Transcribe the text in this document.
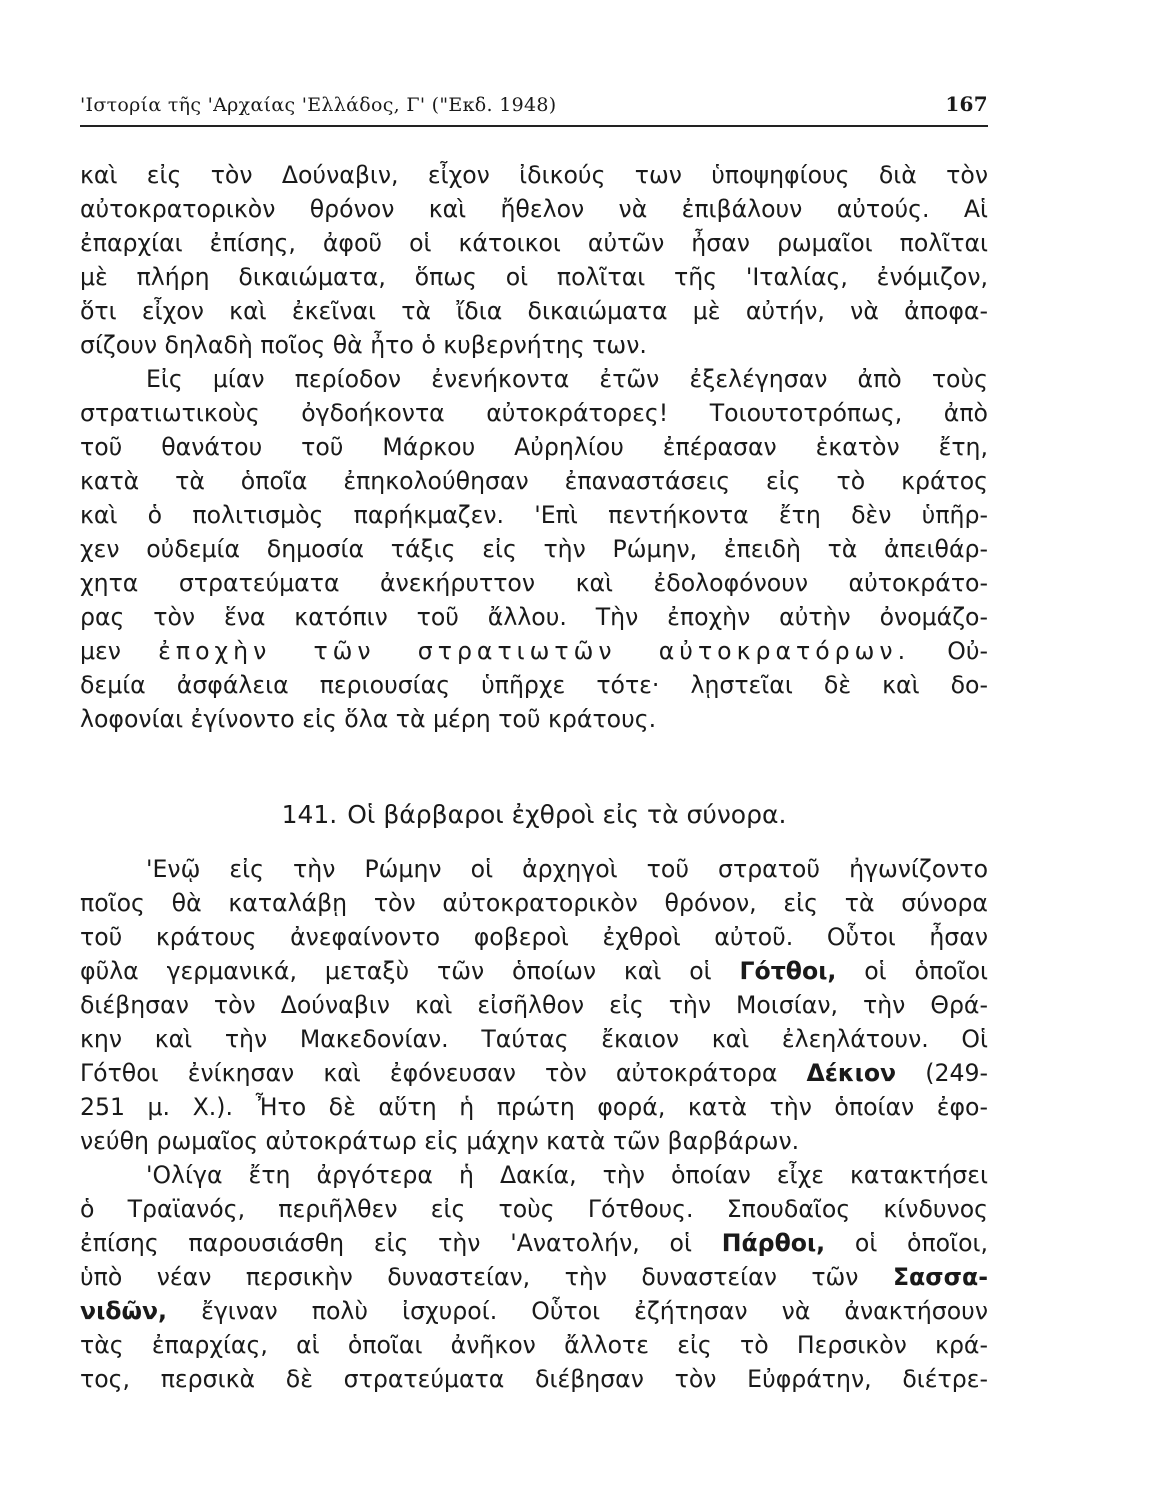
'Ιστορία τῆς 'Αρχαίας 'Ελλάδος, Γ' ("Εκδ. 1948)	167
καὶ εἰς τὸν Δούναβιν, εἶχον ἰδικούς των ὑποψηφίους διὰ τὸν
αὐτοκρατορικὸν θρόνον καὶ ἤθελον νὰ ἐπιβάλουν αὐτούς. Αἱ
ἐπαρχίαι ἐπίσης, ἀφοῦ οἱ κάτοικοι αὐτῶν ἦσαν ρωμαῖοι πολῖται
μὲ πλήρη δικαιώματα, ὅπως οἱ πολῖται τῆς 'Ιταλίας, ἐνόμιζον,
ὅτι εἶχον καὶ ἐκεῖναι τὰ ἴδια δικαιώματα μὲ αὐτήν, νὰ ἀποφα-
σίζουν δηλαδὴ ποῖος θὰ ἦτο ὁ κυβερνήτης των.
Εἰς μίαν περίοδον ἐνενήκοντα ἐτῶν ἐξελέγησαν ἀπὸ τοὺς
στρατιωτικοὺς ὀγδοήκοντα αὐτοκράτορες! Τοιουτοτρόπως, ἀπὸ
τοῦ θανάτου τοῦ Μάρκου Αὐρηλίου ἐπέρασαν ἑκατὸν ἔτη,
κατὰ τὰ ὁποῖα ἐπηκολούθησαν ἐπαναστάσεις εἰς τὸ κράτος
καὶ ὁ πολιτισμὸς παρήκμαζεν. 'Επὶ πεντήκοντα ἔτη δὲν ὑπῆρ-
χεν οὐδεμία δημοσία τάξις εἰς τὴν Ρώμην, ἐπειδὴ τὰ ἀπειθάρ-
χητα στρατεύματα ἀνεκήρυττον καὶ ἐδολοφόνουν αὐτοκράτο-
ρας τὸν ἕνα κατόπιν τοῦ ἄλλου. Τὴν ἐποχὴν αὐτὴν ὀνομάζο-
μεν ἐποχὴν τῶν στρατιωτῶν αὐτοκρατόρων. Οὐ-
δεμία ἀσφάλεια περιουσίας ὑπῆρχε τότε· λῃστεῖαι δὲ καὶ δο-
λοφονίαι ἐγίνοντο εἰς ὅλα τὰ μέρη τοῦ κράτους.
141. Οἱ βάρβαροι ἐχθροὶ εἰς τὰ σύνορα.
'Ενῷ εἰς τὴν Ρώμην οἱ ἀρχηγοὶ τοῦ στρατοῦ ἠγωνίζοντο
ποῖος θὰ καταλάβῃ τὸν αὐτοκρατορικὸν θρόνον, εἰς τὰ σύνορα
τοῦ κράτους ἀνεφαίνοντο φοβεροὶ ἐχθροὶ αὐτοῦ. Οὗτοι ἦσαν
φῦλα γερμανικά, μεταξὺ τῶν ὁποίων καὶ οἱ Γότθοι, οἱ ὁποῖοι
διέβησαν τὸν Δούναβιν καὶ εἰσῆλθον εἰς τὴν Μοισίαν, τὴν Θρά-
κην καὶ τὴν Μακεδονίαν. Ταύτας ἔκαιον καὶ ἐλεηλάτουν. Οἱ
Γότθοι ἐνίκησαν καὶ ἐφόνευσαν τὸν αὐτοκράτορα Δέκιον (249-
251 μ. Χ.). Ἦτο δὲ αὕτη ἡ πρώτη φορά, κατὰ τὴν ὁποίαν ἐφο-
νεύθη ρωμαῖος αὐτοκράτωρ εἰς μάχην κατὰ τῶν βαρβάρων.
'Ολίγα ἔτη ἀργότερα ἡ Δακία, τὴν ὁποίαν εἶχε κατακτήσει
ὁ Τραϊανός, περιῆλθεν εἰς τοὺς Γότθους. Σπουδαῖος κίνδυνος
ἐπίσης παρουσιάσθη εἰς τὴν 'Ανατολήν, οἱ Πάρθοι, οἱ ὁποῖοι,
ὑπὸ νέαν περσικὴν δυναστείαν, τὴν δυναστείαν τῶν Σασσα-
νιδῶν, ἔγιναν πολὺ ἰσχυροί. Οὗτοι ἐζήτησαν νὰ ἀνακτήσουν
τὰς ἐπαρχίας, αἱ ὁποῖαι ἀνῆκον ἄλλοτε εἰς τὸ Περσικὸν κρά-
τος, περσικὰ δὲ στρατεύματα διέβησαν τὸν Εὐφράτην, διέτρε-
